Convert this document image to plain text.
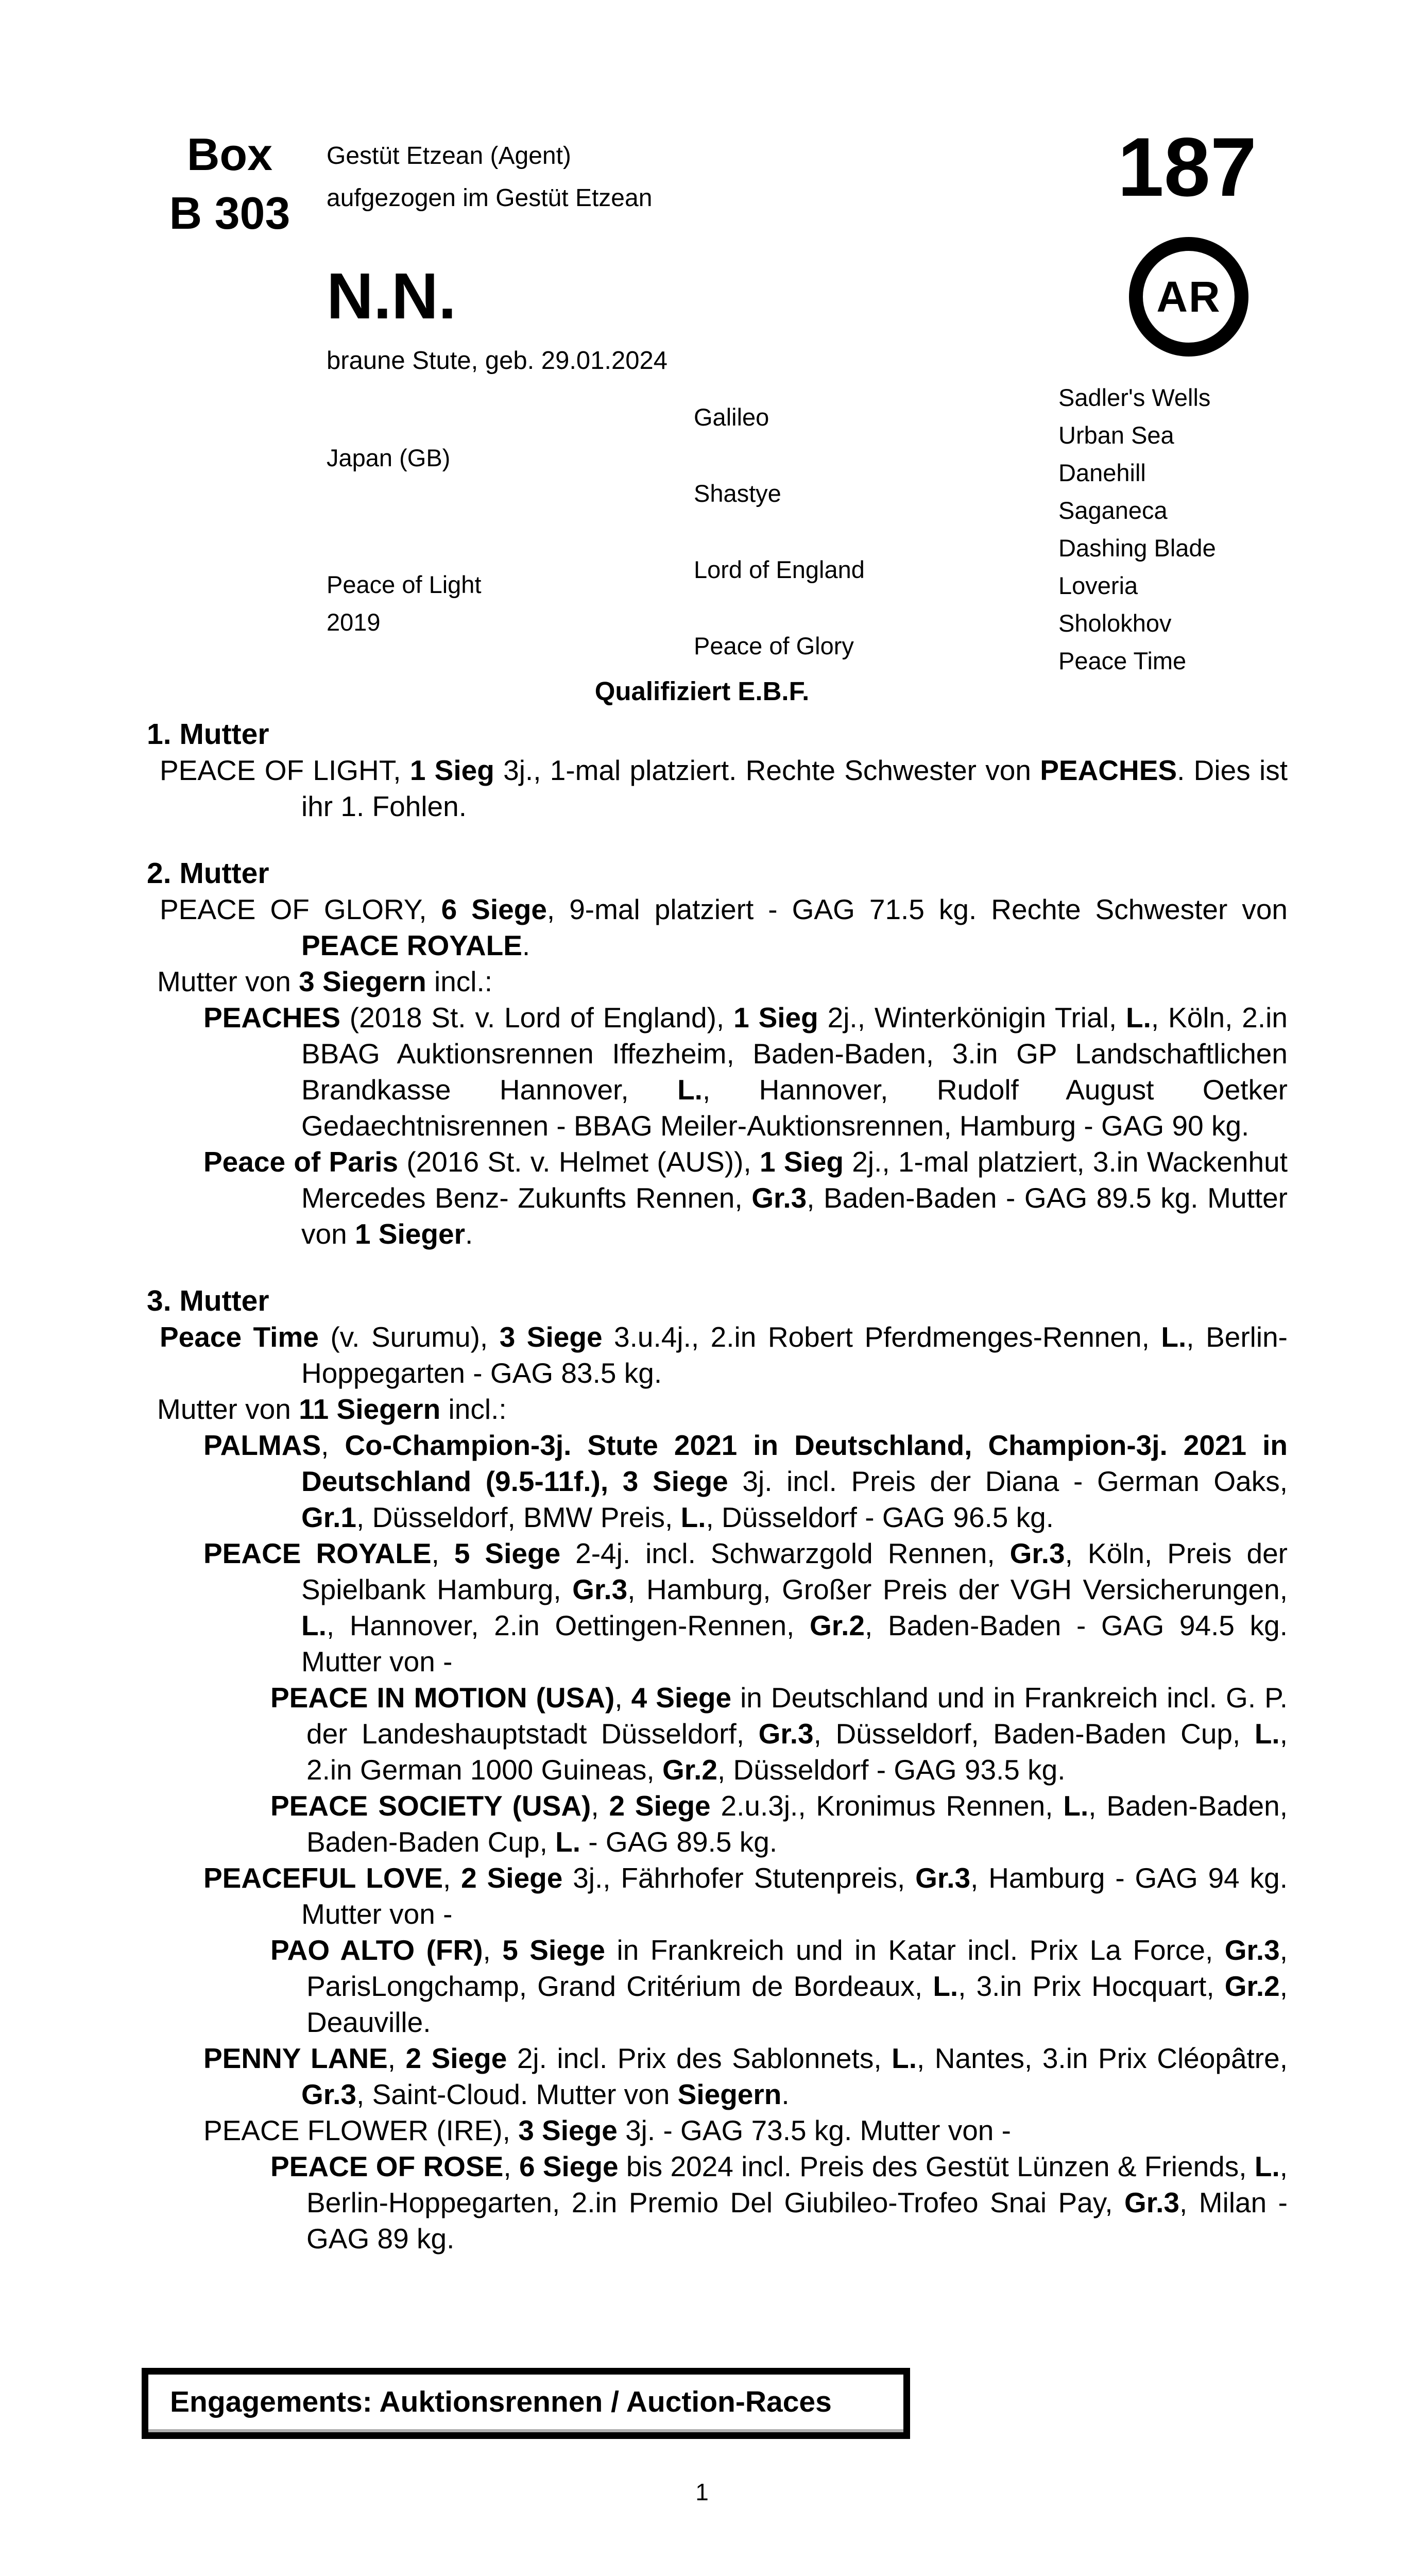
Box
B 303
Gestüt Etzean (Agent)
aufgezogen im Gestüt Etzean	187
AR
N.N.
braune Stute, geb. 29.01.2024
Japan (GB)
Peace of Light
2019
Galileo
Shastye
Lord of England
Peace of Glory
Sadler's Wells
Urban Sea
Danehill
Saganeca
Dashing Blade
Loveria
Sholokhov
Peace Time
Qualifiziert E.B.F.
1. Mutter
PEACE OF LIGHT, 1 Sieg 3j., 1-mal platziert. Rechte Schwester von PEACHES. Dies ist ihr 1. Fohlen.
2. Mutter
PEACE OF GLORY, 6 Siege, 9-mal platziert - GAG 71.5 kg. Rechte Schwester von PEACE ROYALE.
Mutter von 3 Siegern incl.:
PEACHES (2018 St. v. Lord of England), 1 Sieg 2j., Winterkönigin Trial, L., Köln, 2.in BBAG Auktionsrennen Iffezheim, Baden-Baden, 3.in GP Landschaftlichen Brandkasse Hannover, L., Hannover, Rudolf August Oetker Gedaechtnisrennen - BBAG Meiler-Auktionsrennen, Hamburg - GAG 90 kg.
Peace of Paris (2016 St. v. Helmet (AUS)), 1 Sieg 2j., 1-mal platziert, 3.in Wackenhut Mercedes Benz- Zukunfts Rennen, Gr.3, Baden-Baden - GAG 89.5 kg. Mutter von 1 Sieger.
3. Mutter
Peace Time (v. Surumu), 3 Siege 3.u.4j., 2.in Robert Pferdmenges-Rennen, L., Berlin-Hoppegarten - GAG 83.5 kg.
Mutter von 11 Siegern incl.:
PALMAS, Co-Champion-3j. Stute 2021 in Deutschland, Champion-3j. 2021 in Deutschland (9.5-11f.), 3 Siege 3j. incl. Preis der Diana - German Oaks, Gr.1, Düsseldorf, BMW Preis, L., Düsseldorf - GAG 96.5 kg.
PEACE ROYALE, 5 Siege 2-4j. incl. Schwarzgold Rennen, Gr.3, Köln, Preis der Spielbank Hamburg, Gr.3, Hamburg, Großer Preis der VGH Versicherungen, L., Hannover, 2.in Oettingen-Rennen, Gr.2, Baden-Baden - GAG 94.5 kg. Mutter von -
PEACE IN MOTION (USA), 4 Siege in Deutschland und in Frankreich incl. G. P. der Landeshauptstadt Düsseldorf, Gr.3, Düsseldorf, Baden-Baden Cup, L., 2.in German 1000 Guineas, Gr.2, Düsseldorf - GAG 93.5 kg.
PEACE SOCIETY (USA), 2 Siege 2.u.3j., Kronimus Rennen, L., Baden-Baden, Baden-Baden Cup, L. - GAG 89.5 kg.
PEACEFUL LOVE, 2 Siege 3j., Fährhofer Stutenpreis, Gr.3, Hamburg - GAG 94 kg. Mutter von -
PAO ALTO (FR), 5 Siege in Frankreich und in Katar incl. Prix La Force, Gr.3, ParisLongchamp, Grand Critérium de Bordeaux, L., 3.in Prix Hocquart, Gr.2, Deauville.
PENNY LANE, 2 Siege 2j. incl. Prix des Sablonnets, L., Nantes, 3.in Prix Cléopâtre, Gr.3, Saint-Cloud. Mutter von Siegern.
PEACE FLOWER (IRE), 3 Siege 3j. - GAG 73.5 kg. Mutter von -
PEACE OF ROSE, 6 Siege bis 2024 incl. Preis des Gestüt Lünzen & Friends, L., Berlin-Hoppegarten, 2.in Premio Del Giubileo-Trofeo Snai Pay, Gr.3, Milan - GAG 89 kg.
Engagements: Auktionsrennen / Auction-Races
1
